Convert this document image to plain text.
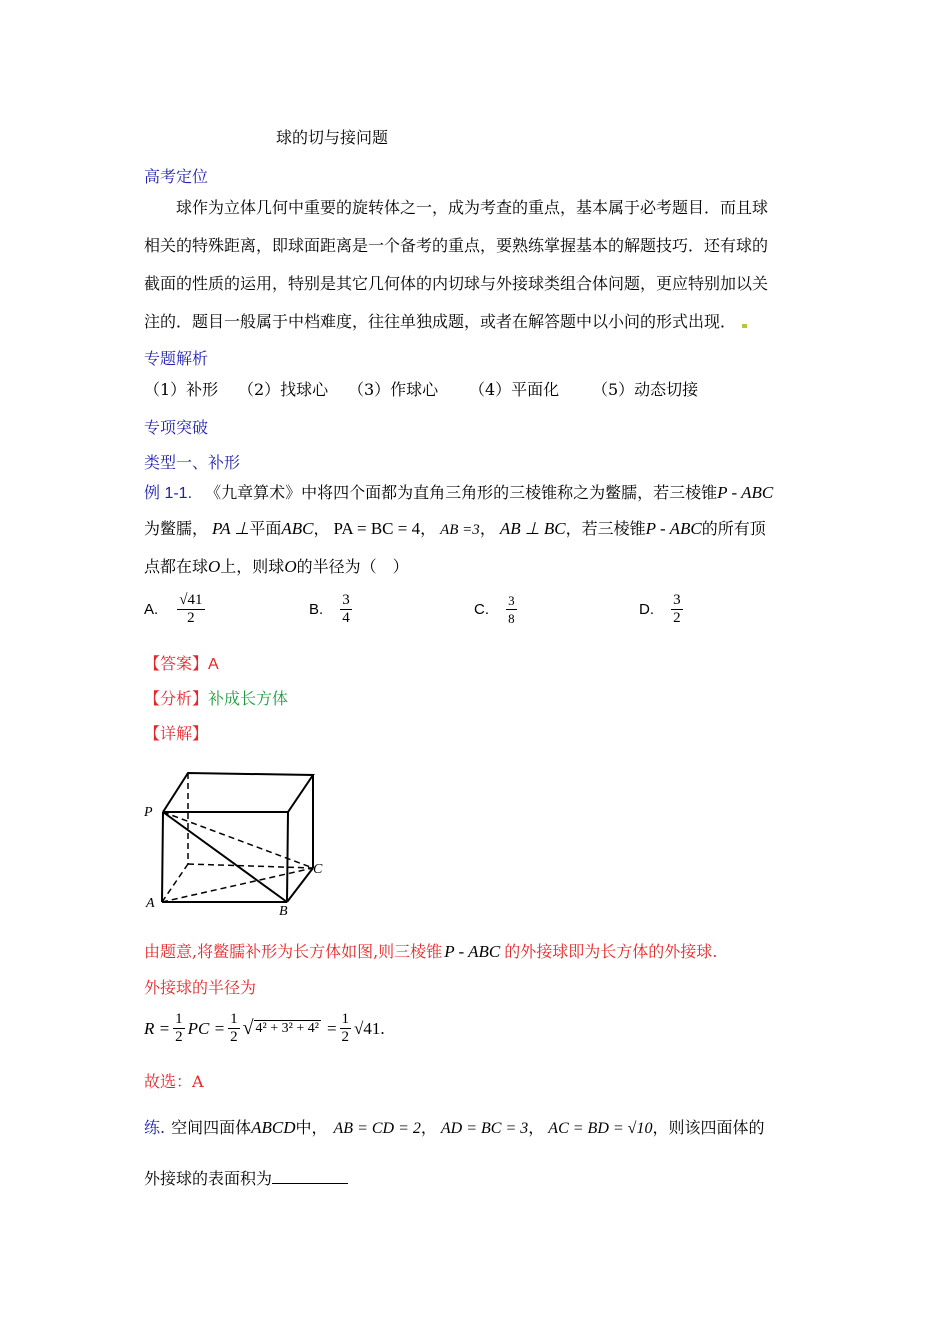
球的切与接问题
高考定位
球作为立体几何中重要的旋转体之一，成为考查的重点，基本属于必考题目．而且球
相关的特殊距离，即球面距离是一个备考的重点，要熟练掌握基本的解题技巧．还有球的
截面的性质的运用，特别是其它几何体的内切球与外接球类组合体问题，更应特别加以关
注的．题目一般属于中档难度，往往单独成题，或者在解答题中以小问的形式出现．
专题解析
（1）补形 （2）找球心 （3）作球心 （4）平面化 （5）动态切接
专项突破
类型一、补形
例 1-1. 《九章算术》中将四个面都为直角三角形的三棱锥称之为鳖臑，若三棱锥P - ABC
为鳖臑， PA ⊥平面ABC， PA = BC = 4， AB =3， AB ⊥ BC，若三棱锥P - ABC的所有顶
点都在球O上，则球O的半径为（　）
A. $\frac{√41}{2}$	B. $\frac{3}{4}$	C. $\frac{3}{8}$	D. $\frac{3}{2}$
【答案】A
【分析】补成长方体
【详解】
P
A
B
C
由题意,将鳖臑补形为长方体如图,则三棱锥 P - ABC 的外接球即为长方体的外接球.
外接球的半径为
$R = \frac{1}{2}$ PC = $\frac{1}{2}$ √ $4^2 + 3^2 + 4^2 = \frac{1}{2} √41$.
故选：A
练. 空间四面体ABCD中， AB = CD = 2， AD = BC = 3， AC = BD = √10，则该四面体的
外接球的表面积为
